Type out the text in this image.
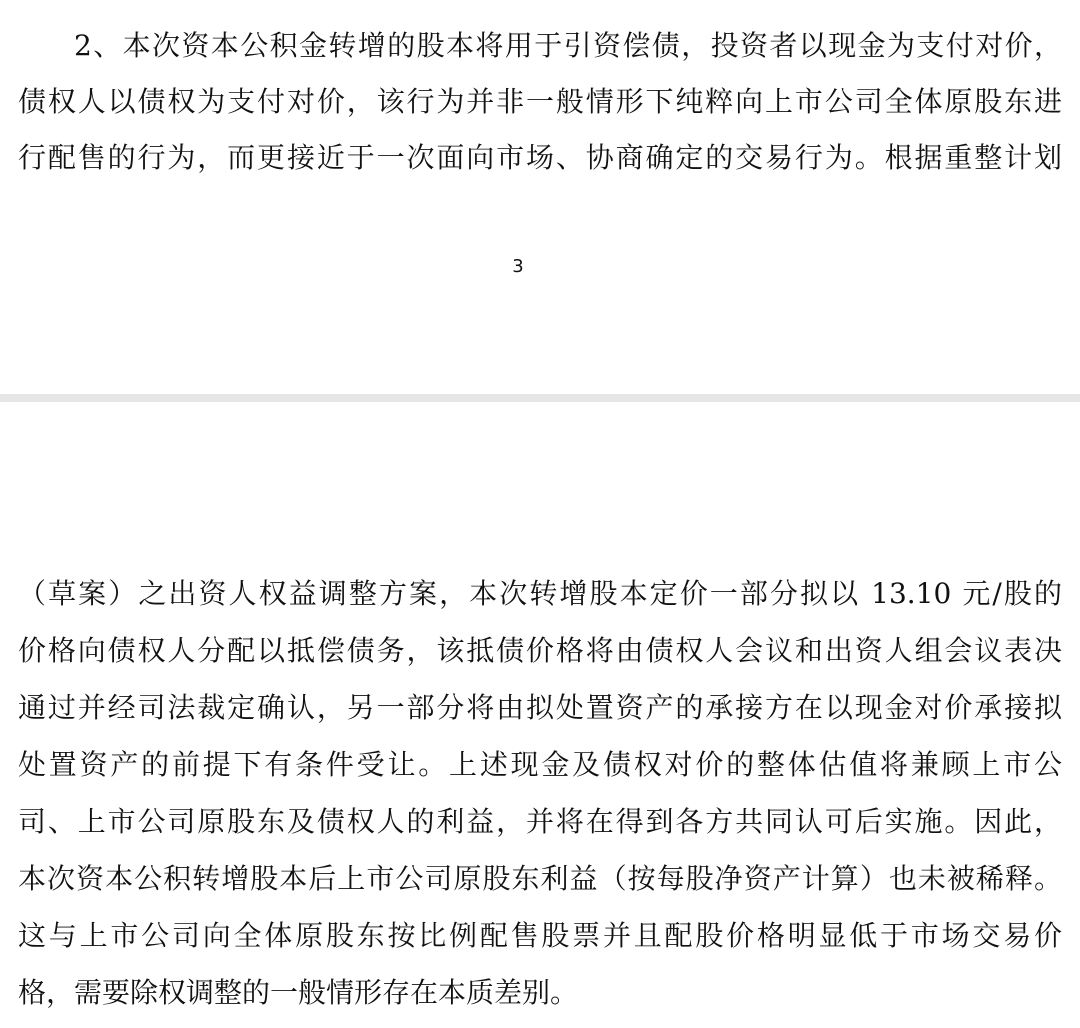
2、本次资本公积金转增的股本将用于引资偿债，投资者以现金为支付对价，
债权人以债权为支付对价，该行为并非一般情形下纯粹向上市公司全体原股东进
行配售的行为，而更接近于一次面向市场、协商确定的交易行为。根据重整计划
3
（草案）之出资人权益调整方案，本次转增股本定价一部分拟以 13.10 元/股的
价格向债权人分配以抵偿债务，该抵债价格将由债权人会议和出资人组会议表决
通过并经司法裁定确认，另一部分将由拟处置资产的承接方在以现金对价承接拟
处置资产的前提下有条件受让。上述现金及债权对价的整体估值将兼顾上市公
司、上市公司原股东及债权人的利益，并将在得到各方共同认可后实施。因此，
本次资本公积转增股本后上市公司原股东利益（按每股净资产计算）也未被稀释。
这与上市公司向全体原股东按比例配售股票并且配股价格明显低于市场交易价
格，需要除权调整的一般情形存在本质差别。
